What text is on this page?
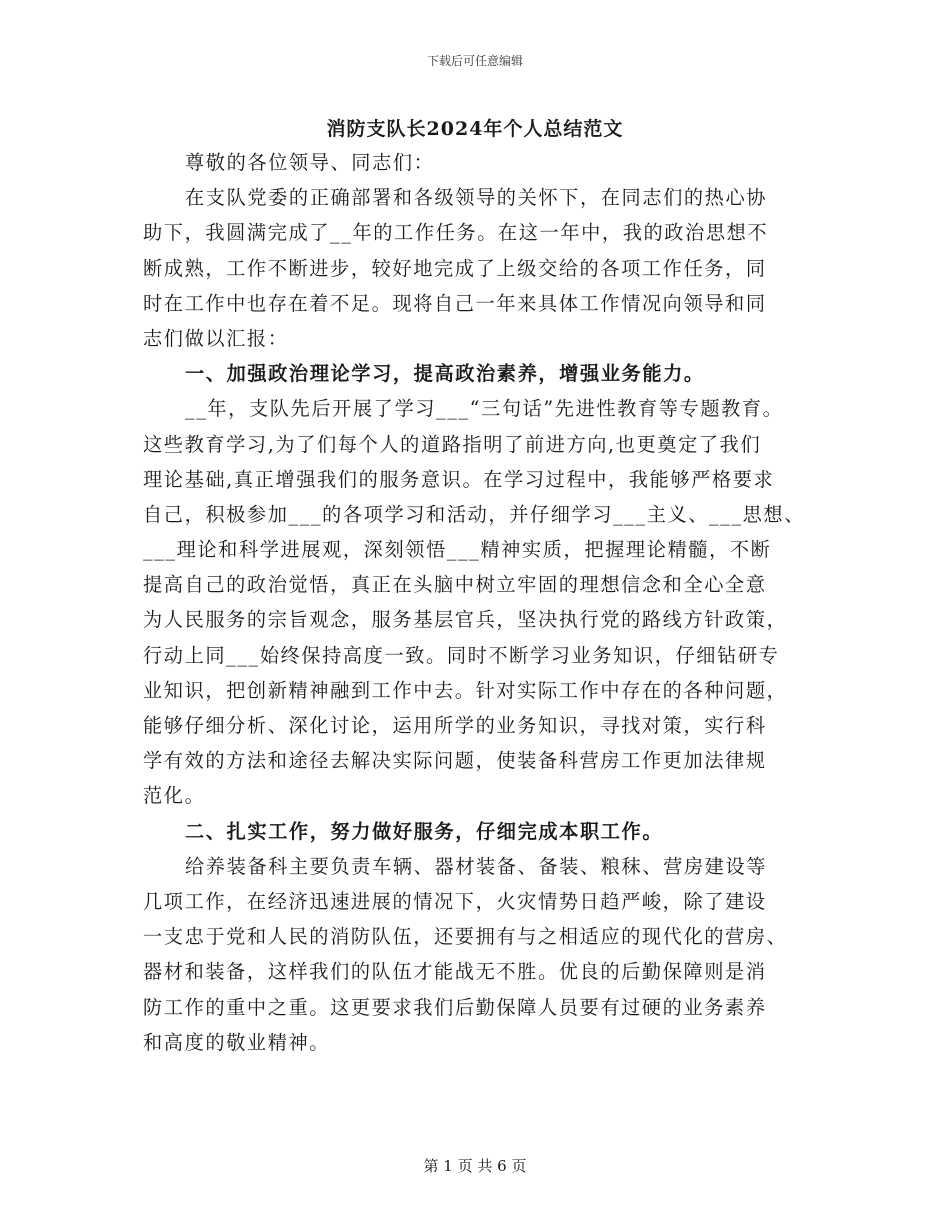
下载后可任意编辑
消防支队长2024年个人总结范文
尊敬的各位领导、同志们：
在支队党委的正确部署和各级领导的关怀下，在同志们的热心协
助下，我圆满完成了__年的工作任务。在这一年中，我的政治思想不
断成熟，工作不断进步，较好地完成了上级交给的各项工作任务，同
时在工作中也存在着不足。现将自己一年来具体工作情况向领导和同
志们做以汇报：
一、加强政治理论学习，提高政治素养，增强业务能力。
__年，支队先后开展了学习___“三句话”先进性教育等专题教育。
这些教育学习,为了们每个人的道路指明了前进方向,也更奠定了我们
理论基础,真正增强我们的服务意识。在学习过程中，我能够严格要求
自己，积极参加___的各项学习和活动，并仔细学习___主义、___思想、
___理论和科学进展观，深刻领悟___精神实质，把握理论精髓，不断
提高自己的政治觉悟，真正在头脑中树立牢固的理想信念和全心全意
为人民服务的宗旨观念，服务基层官兵，坚决执行党的路线方针政策，
行动上同___始终保持高度一致。同时不断学习业务知识，仔细钻研专
业知识，把创新精神融到工作中去。针对实际工作中存在的各种问题，
能够仔细分析、深化讨论，运用所学的业务知识，寻找对策，实行科
学有效的方法和途径去解决实际问题，使装备科营房工作更加法律规
范化。
二、扎实工作，努力做好服务，仔细完成本职工作。
给养装备科主要负责车辆、器材装备、备装、粮秣、营房建设等
几项工作，在经济迅速进展的情况下，火灾情势日趋严峻，除了建设
一支忠于党和人民的消防队伍，还要拥有与之相适应的现代化的营房、
器材和装备，这样我们的队伍才能战无不胜。优良的后勤保障则是消
防工作的重中之重。这更要求我们后勤保障人员要有过硬的业务素养
和高度的敬业精神。
第 1 页 共 6 页
